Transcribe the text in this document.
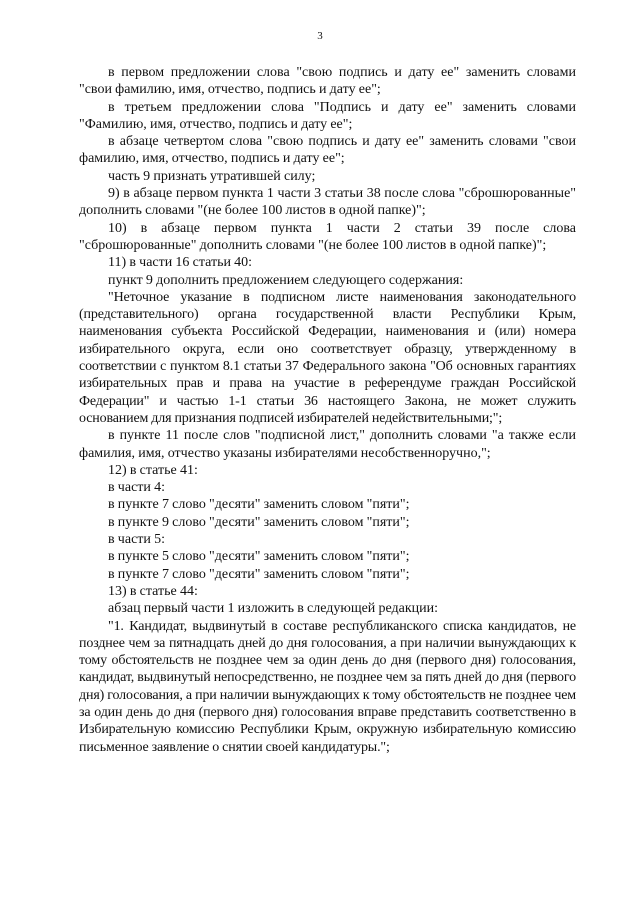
3

в первом предложении слова "свою подпись и дату ее" заменить словами "свои фамилию, имя, отчество, подпись и дату ее";

в третьем предложении слова "Подпись и дату ее" заменить словами "Фамилию, имя, отчество, подпись и дату ее";

в абзаце четвертом слова "свою подпись и дату ее" заменить словами "свои фамилию, имя, отчество, подпись и дату ее";

часть 9 признать утратившей силу;

9) в абзаце первом пункта 1 части 3 статьи 38 после слова "сброшюрованные" дополнить словами "(не более 100 листов в одной папке)";

10) в абзаце первом пункта 1 части 2 статьи 39 после слова "сброшюрованные" дополнить словами "(не более 100 листов в одной папке)";

11) в части 16 статьи 40:

пункт 9 дополнить предложением следующего содержания:

"Неточное указание в подписном листе наименования законодательного (представительного) органа государственной власти Республики Крым, наименования субъекта Российской Федерации, наименования и (или) номера избирательного округа, если оно соответствует образцу, утвержденному в соответствии с пунктом 8.1 статьи 37 Федерального закона "Об основных гарантиях избирательных прав и права на участие в референдуме граждан Российской Федерации" и частью 1-1 статьи 36 настоящего Закона, не может служить основанием для признания подписей избирателей недействительными;";

в пункте 11 после слов "подписной лист," дополнить словами "а также если фамилия, имя, отчество указаны избирателями несобственноручно,";

12) в статье 41:

в части 4:

в пункте 7 слово "десяти" заменить словом "пяти";

в пункте 9 слово "десяти" заменить словом "пяти";

в части 5:

в пункте 5 слово "десяти" заменить словом "пяти";

в пункте 7 слово "десяти" заменить словом "пяти";

13) в статье 44:

абзац первый части 1 изложить в следующей редакции:

"1. Кандидат, выдвинутый в составе республиканского списка кандидатов, не позднее чем за пятнадцать дней до дня голосования, а при наличии вынуждающих к тому обстоятельств не позднее чем за один день до дня (первого дня) голосования, кандидат, выдвинутый непосредственно, не позднее чем за пять дней до дня (первого дня) голосования, а при наличии вынуждающих к тому обстоятельств не позднее чем за один день до дня (первого дня) голосования вправе представить соответственно в Избирательную комиссию Республики Крым, окружную избирательную комиссию письменное заявление о снятии своей кандидатуры.";
